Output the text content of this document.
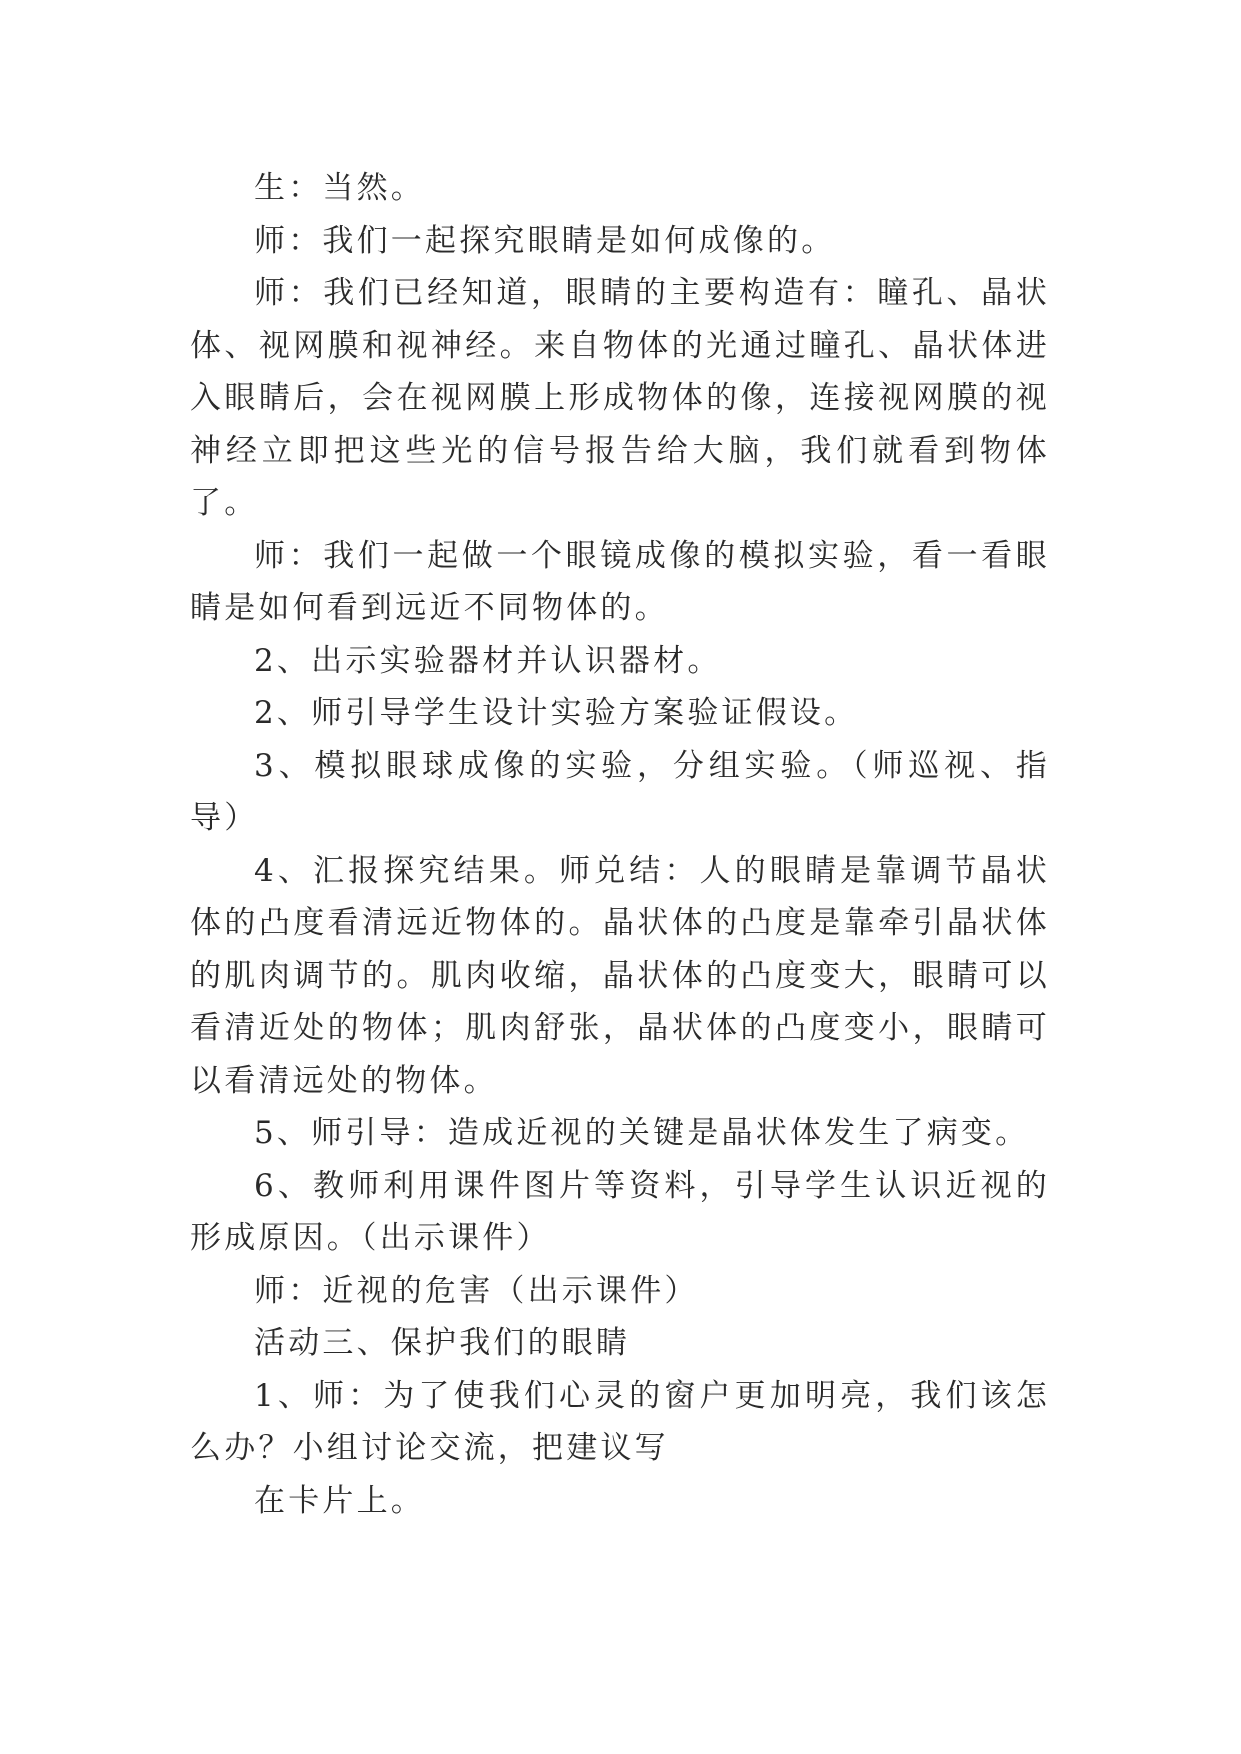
生：当然。

师：我们一起探究眼睛是如何成像的。

师：我们已经知道，眼睛的主要构造有：瞳孔、晶状体、视网膜和视神经。来自物体的光通过瞳孔、晶状体进入眼睛后，会在视网膜上形成物体的像，连接视网膜的视神经立即把这些光的信号报告给大脑，我们就看到物体了。

师：我们一起做一个眼镜成像的模拟实验，看一看眼睛是如何看到远近不同物体的。

2、出示实验器材并认识器材。

2、师引导学生设计实验方案验证假设。

3、模拟眼球成像的实验，分组实验。（师巡视、指导）

4、汇报探究结果。师兑结：人的眼睛是靠调节晶状体的凸度看清远近物体的。晶状体的凸度是靠牵引晶状体的肌肉调节的。肌肉收缩，晶状体的凸度变大，眼睛可以看清近处的物体；肌肉舒张，晶状体的凸度变小，眼睛可以看清远处的物体。

5、师引导：造成近视的关键是晶状体发生了病变。

6、教师利用课件图片等资料，引导学生认识近视的形成原因。（出示课件）

师：近视的危害（出示课件）

活动三、保护我们的眼睛

1、师：为了使我们心灵的窗户更加明亮，我们该怎么办？小组讨论交流，把建议写

在卡片上。
